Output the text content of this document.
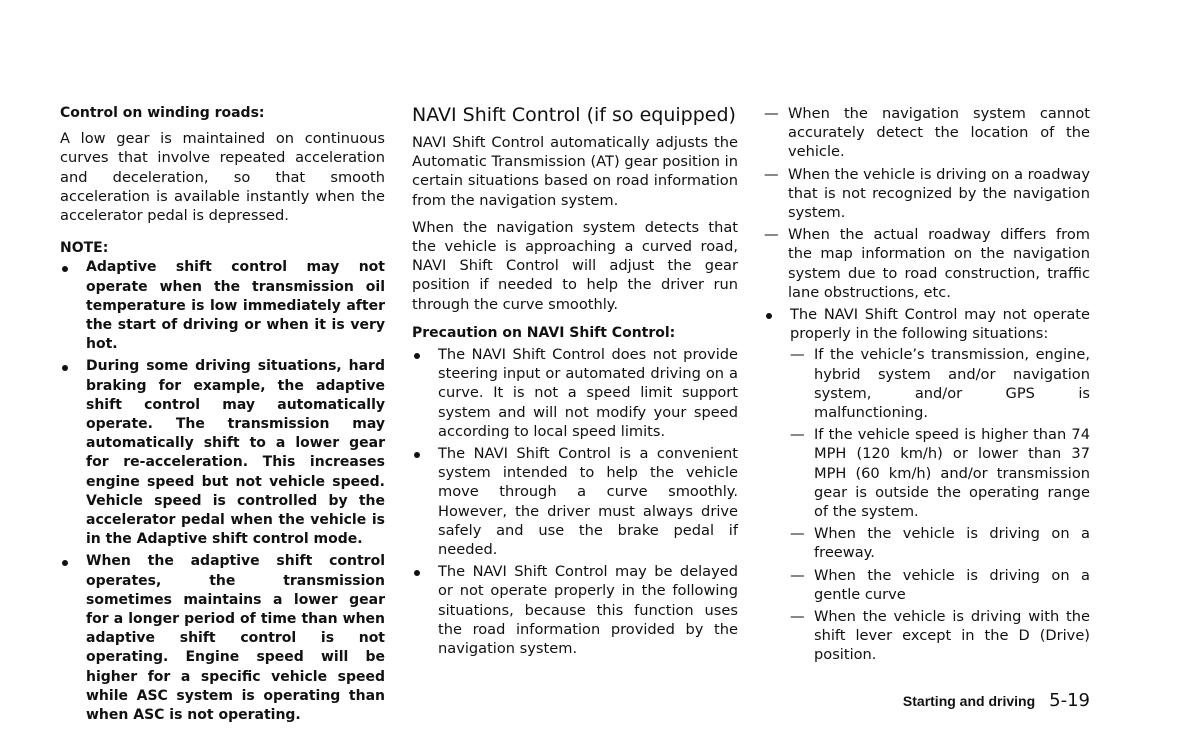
Control on winding roads:

A low gear is maintained on continuous curves that involve repeated acceleration and deceleration, so that smooth acceleration is available instantly when the accelerator pedal is depressed.

NOTE:
Adaptive shift control may not operate when the transmission oil temperature is low immediately after the start of driving or when it is very hot.
During some driving situations, hard braking for example, the adaptive shift control may automatically operate. The transmission may automatically shift to a lower gear for re-acceleration. This increases engine speed but not vehicle speed. Vehicle speed is controlled by the accelerator pedal when the vehicle is in the Adaptive shift control mode.
When the adaptive shift control operates, the transmission sometimes maintains a lower gear for a longer period of time than when adaptive shift control is not operating. Engine speed will be higher for a specific vehicle speed while ASC system is operating than when ASC is not operating.
NAVI Shift Control (if so equipped)

NAVI Shift Control automatically adjusts the Automatic Transmission (AT) gear position in certain situations based on road information from the navigation system.

When the navigation system detects that the vehicle is approaching a curved road, NAVI Shift Control will adjust the gear position if needed to help the driver run through the curve smoothly.

Precaution on NAVI Shift Control:
The NAVI Shift Control does not provide steering input or automated driving on a curve. It is not a speed limit support system and will not modify your speed according to local speed limits.
The NAVI Shift Control is a convenient system intended to help the vehicle move through a curve smoothly. However, the driver must always drive safely and use the brake pedal if needed.
The NAVI Shift Control may be delayed or not operate properly in the following situations, because this function uses the road information provided by the navigation system.
— When the navigation system cannot accurately detect the location of the vehicle.
— When the vehicle is driving on a roadway that is not recognized by the navigation system.
— When the actual roadway differs from the map information on the navigation system due to road construction, traffic lane obstructions, etc.
The NAVI Shift Control may not operate properly in the following situations:
— If the vehicle’s transmission, engine, hybrid system and/or navigation system, and/or GPS is malfunctioning.
— If the vehicle speed is higher than 74 MPH (120 km/h) or lower than 37 MPH (60 km/h) and/or transmission gear is outside the operating range of the system.
— When the vehicle is driving on a freeway.
— When the vehicle is driving on a gentle curve
— When the vehicle is driving with the shift lever except in the D (Drive) position.
Starting and driving 5-19
